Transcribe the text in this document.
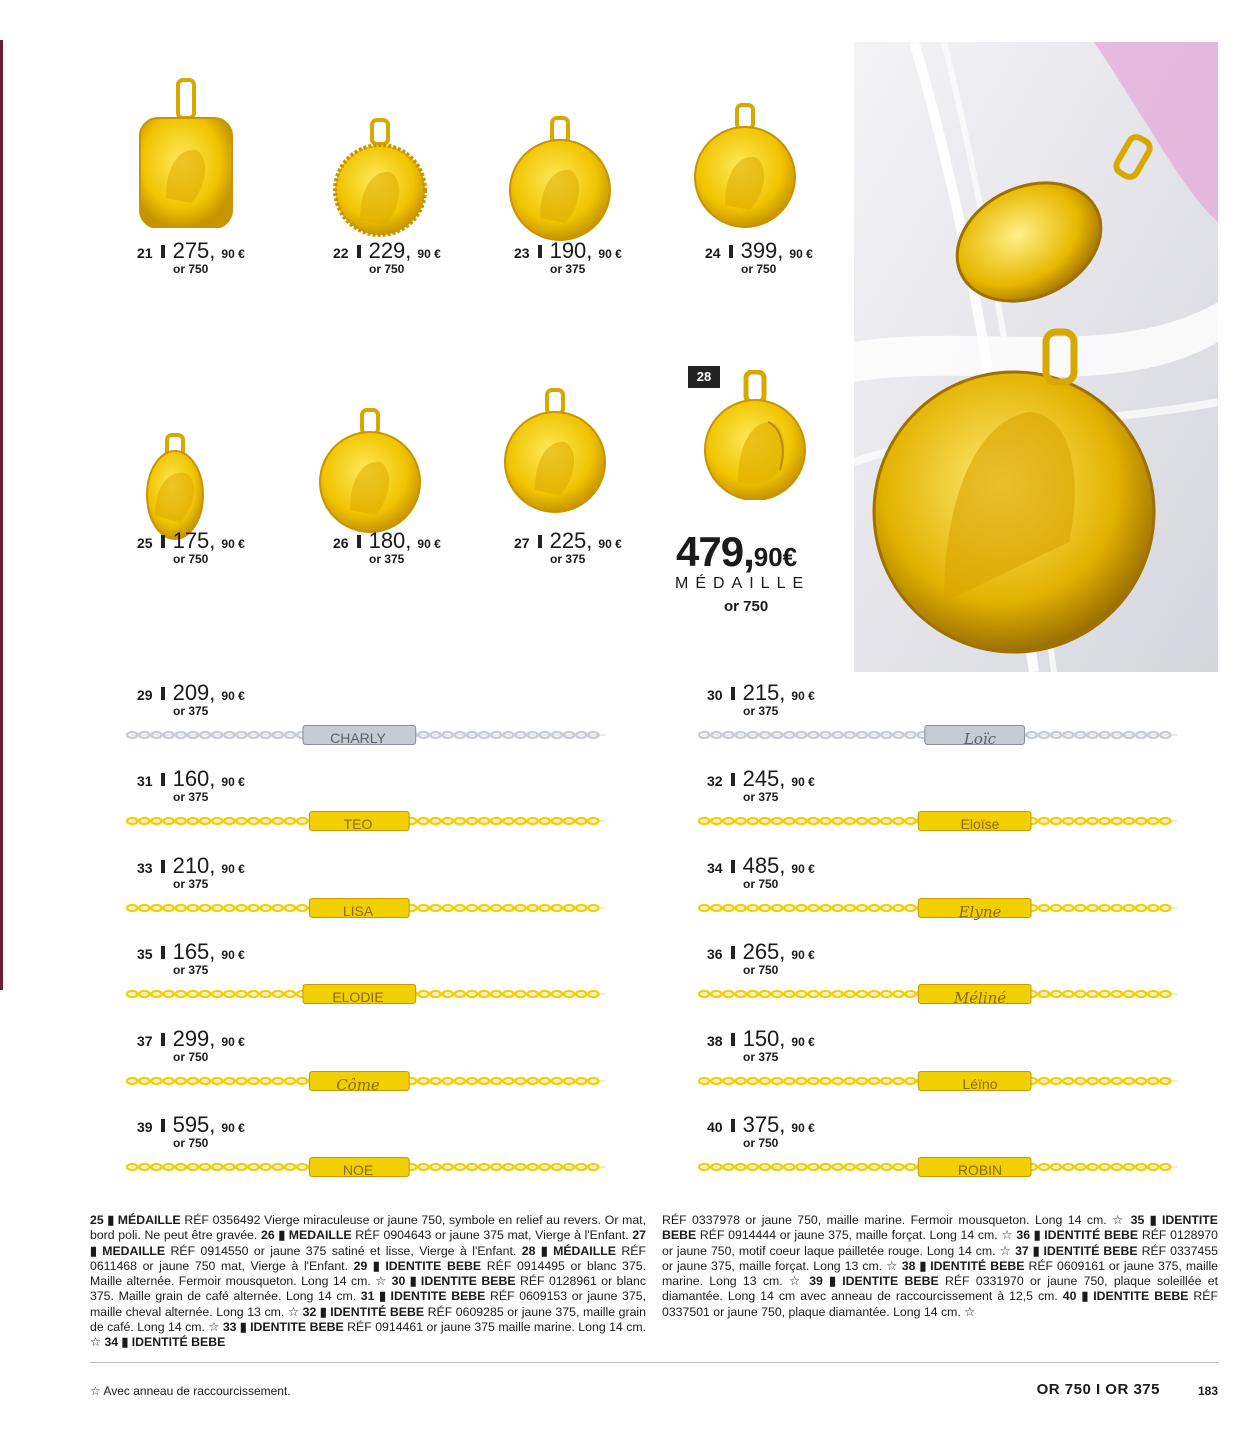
21 275, 90 €
or 750
22 229, 90 €
or 750
23 190, 90 €
or 375
24 399, 90 €
or 750
25 175, 90 €
or 750
26 180, 90 €
or 375
27 225, 90 €
or 375
28
479,90€
MÉDAILLE
or 750
29 209, 90 €
or 375
CHARLY
30 215, 90 €
or 375
Loïc
31 160, 90 €
or 375
TEO
32 245, 90 €
or 375
Eloïse
33 210, 90 €
or 375
LISA
34 485, 90 €
or 750
Elyne
35 165, 90 €
or 375
ELODIE
36 265, 90 €
or 750
Méliné
37 299, 90 €
or 750
Côme
38 150, 90 €
or 375
Léïno
39 595, 90 €
or 750
NOE
40 375, 90 €
or 750
ROBIN
25 ▮ MÉDAILLE RÉF 0356492 Vierge miraculeuse or jaune 750, symbole en relief au revers. Or mat, bord poli. Ne peut être gravée. 26 ▮ MEDAILLE RÉF 0904643 or jaune 375 mat, Vierge à l'Enfant. 27 ▮ MEDAILLE RÉF 0914550 or jaune 375 satiné et lisse, Vierge à l'Enfant. 28 ▮ MÉDAILLE RÉF 0611468 or jaune 750 mat, Vierge à l'Enfant. 29 ▮ IDENTITE BEBE RÉF 0914495 or blanc 375. Maille alternée. Fermoir mousqueton. Long 14 cm. ☆ 30 ▮ IDENTITE BEBE RÉF 0128961 or blanc 375. Maille grain de café alternée. Long 14 cm. 31 ▮ IDENTITE BEBE RÉF 0609153 or jaune 375, maille cheval alternée. Long 13 cm. ☆ 32 ▮ IDENTITÉ BEBE RÉF 0609285 or jaune 375, maille grain de café. Long 14 cm. ☆ 33 ▮ IDENTITE BEBE RÉF 0914461 or jaune 375 maille marine. Long 14 cm. ☆ 34 ▮ IDENTITÉ BEBE
RÉF 0337978 or jaune 750, maille marine. Fermoir mousqueton. Long 14 cm. ☆ 35 ▮ IDENTITE BEBE RÉF 0914444 or jaune 375, maille forçat. Long 14 cm. ☆ 36 ▮ IDENTITÉ BEBE RÉF 0128970 or jaune 750, motif coeur laque pailletée rouge. Long 14 cm. ☆ 37 ▮ IDENTITÉ BEBE RÉF 0337455 or jaune 375, maille forçat. Long 13 cm. ☆ 38 ▮ IDENTITÉ BEBE RÉF 0609161 or jaune 375, maille marine. Long 13 cm. ☆ 39 ▮ IDENTITE BEBE RÉF 0331970 or jaune 750, plaque soleillée et diamantée. Long 14 cm avec anneau de raccourcissement à 12,5 cm. 40 ▮ IDENTITE BEBE RÉF 0337501 or jaune 750, plaque diamantée. Long 14 cm. ☆
☆ Avec anneau de raccourcissement.	OR 750 I OR 375	183
